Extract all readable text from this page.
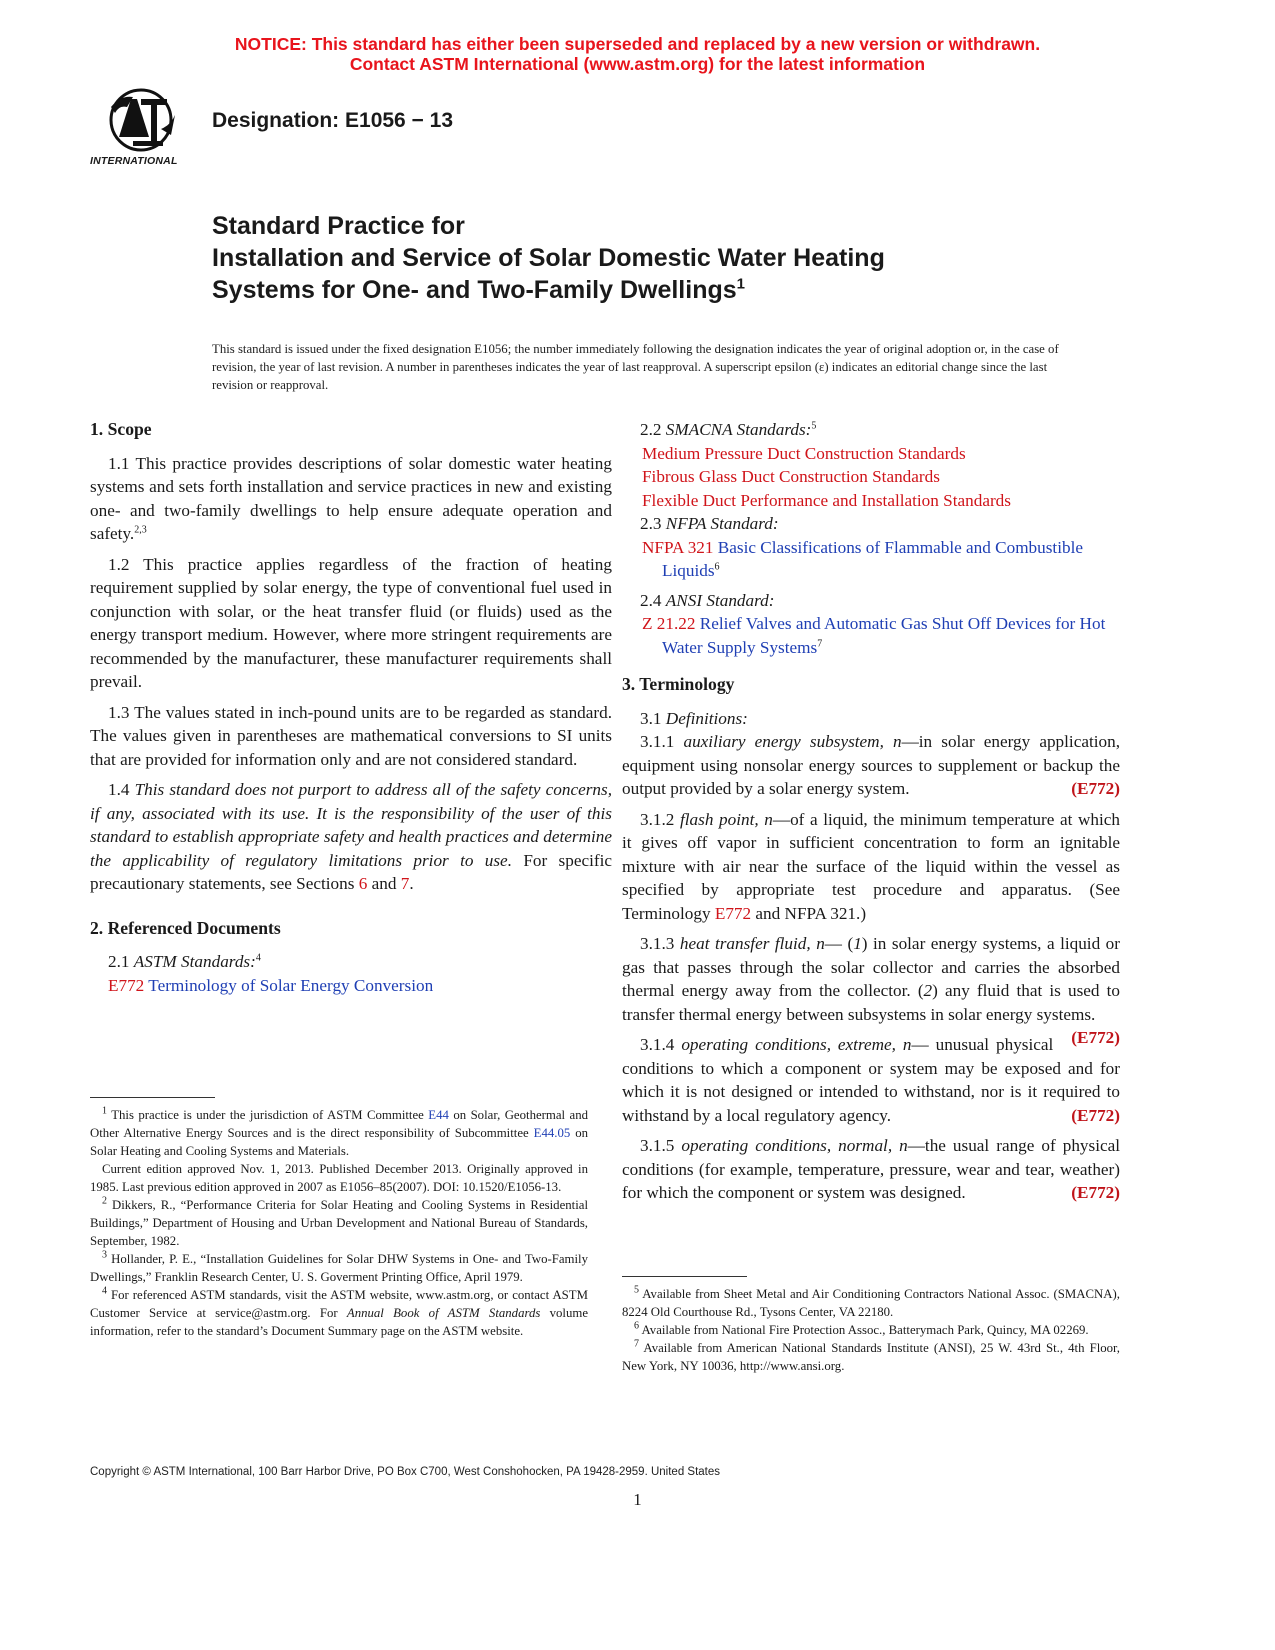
NOTICE: This standard has either been superseded and replaced by a new version or withdrawn.
Contact ASTM International (www.astm.org) for the latest information
INTERNATIONAL
Designation: E1056 − 13
Standard Practice for
Installation and Service of Solar Domestic Water Heating
Systems for One- and Two-Family Dwellings$^1$
This standard is issued under the fixed designation E1056; the number immediately following the designation indicates the year of original adoption or, in the case of revision, the year of last revision. A number in parentheses indicates the year of last reapproval. A superscript epsilon (ε) indicates an editorial change since the last revision or reapproval.
1. Scope

1.1 This practice provides descriptions of solar domestic water heating systems and sets forth installation and service practices in new and existing one- and two-family dwellings to help ensure adequate operation and safety.$^{2,3}$

1.2 This practice applies regardless of the fraction of heating requirement supplied by solar energy, the type of conventional fuel used in conjunction with solar, or the heat transfer fluid (or fluids) used as the energy transport medium. However, where more stringent requirements are recommended by the manufacturer, these manufacturer requirements shall prevail.

1.3 The values stated in inch-pound units are to be regarded as standard. The values given in parentheses are mathematical conversions to SI units that are provided for information only and are not considered standard.

1.4 This standard does not purport to address all of the safety concerns, if any, associated with its use. It is the responsibility of the user of this standard to establish appropriate safety and health practices and determine the applicability of regulatory limitations prior to use. For specific precautionary statements, see Sections 6 and 7.

2. Referenced Documents

2.1 ASTM Standards:$^4$

E772 Terminology of Solar Energy Conversion

$^1$ This practice is under the jurisdiction of ASTM Committee E44 on Solar, Geothermal and Other Alternative Energy Sources and is the direct responsibility of Subcommittee E44.05 on Solar Heating and Cooling Systems and Materials.

Current edition approved Nov. 1, 2013. Published December 2013. Originally approved in 1985. Last previous edition approved in 2007 as E1056–85(2007). DOI: 10.1520/E1056-13.

$^2$ Dikkers, R., “Performance Criteria for Solar Heating and Cooling Systems in Residential Buildings,” Department of Housing and Urban Development and National Bureau of Standards, September, 1982.

$^3$ Hollander, P. E., “Installation Guidelines for Solar DHW Systems in One- and Two-Family Dwellings,” Franklin Research Center, U. S. Goverment Printing Office, April 1979.

$^4$ For referenced ASTM standards, visit the ASTM website, www.astm.org, or contact ASTM Customer Service at service@astm.org. For Annual Book of ASTM Standards volume information, refer to the standard’s Document Summary page on the ASTM website.

2.2 SMACNA Standards:$^5$

Medium Pressure Duct Construction Standards
Fibrous Glass Duct Construction Standards
Flexible Duct Performance and Installation Standards

2.3 NFPA Standard:

NFPA 321 Basic Classifications of Flammable and Combustible Liquids$^6$

2.4 ANSI Standard:

Z 21.22 Relief Valves and Automatic Gas Shut Off Devices for Hot Water Supply Systems$^7$

3. Terminology

3.1 Definitions:

3.1.1 auxiliary energy subsystem, n—in solar energy application, equipment using nonsolar energy sources to supplement or backup the output provided by a solar energy system.	(E772)

3.1.2 flash point, n—of a liquid, the minimum temperature at which it gives off vapor in sufficient concentration to form an ignitable mixture with air near the surface of the liquid within the vessel as specified by appropriate test procedure and apparatus. (See Terminology E772 and NFPA 321.)

3.1.3 heat transfer fluid, n— (1) in solar energy systems, a liquid or gas that passes through the solar collector and carries the absorbed thermal energy away from the collector. (2) any fluid that is used to transfer thermal energy between subsystems in solar energy systems.
(E772)

3.1.4 operating conditions, extreme, n— unusual physical conditions to which a component or system may be exposed and for which it is not designed or intended to withstand, nor is it required to withstand by a local regulatory agency.	(E772)

3.1.5 operating conditions, normal, n—the usual range of physical conditions (for example, temperature, pressure, wear and tear, weather) for which the component or system was designed.	(E772)

$^5$ Available from Sheet Metal and Air Conditioning Contractors National Assoc. (SMACNA), 8224 Old Courthouse Rd., Tysons Center, VA 22180.

$^6$ Available from National Fire Protection Assoc., Batterymach Park, Quincy, MA 02269.

$^7$ Available from American National Standards Institute (ANSI), 25 W. 43rd St., 4th Floor, New York, NY 10036, http://www.ansi.org.

Copyright © ASTM International, 100 Barr Harbor Drive, PO Box C700, West Conshohocken, PA 19428-2959. United States
1
